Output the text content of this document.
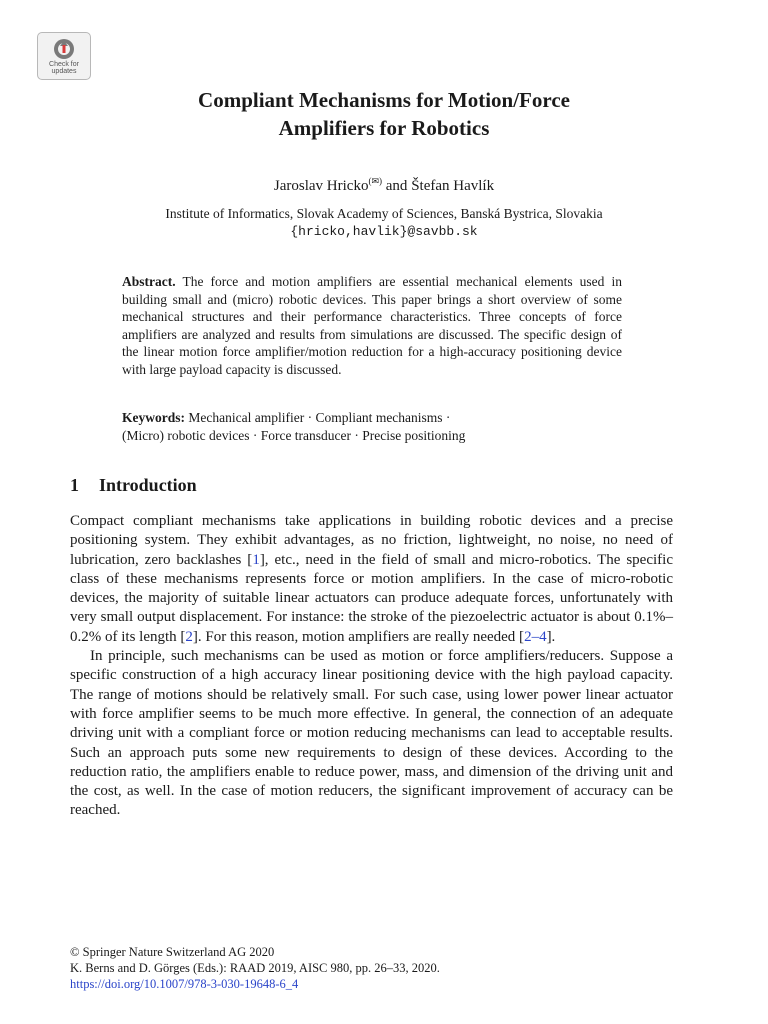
Check for
updates
Compliant Mechanisms for Motion/Force
Amplifiers for Robotics
Jaroslav Hricko(✉) and Štefan Havlík
Institute of Informatics, Slovak Academy of Sciences, Banská Bystrica, Slovakia
{hricko,havlik}@savbb.sk
Abstract. The force and motion amplifiers are essential mechanical elements used in building small and (micro) robotic devices. This paper brings a short overview of some mechanical structures and their performance characteristics. Three concepts of force amplifiers are analyzed and results from simulations are discussed. The specific design of the linear motion force amplifier/motion reduction for a high-accuracy positioning device with large payload capacity is discussed.
Keywords: Mechanical amplifier · Compliant mechanisms ·
(Micro) robotic devices · Force transducer · Precise positioning
1 Introduction

Compact compliant mechanisms take applications in building robotic devices and a precise positioning system. They exhibit advantages, as no friction, lightweight, no noise, no need of lubrication, zero backlashes [1], etc., need in the field of small and micro-robotics. The specific class of these mechanisms represents force or motion amplifiers. In the case of micro-robotic devices, the majority of suitable linear actuators can produce adequate forces, unfortunately with very small output displacement. For instance: the stroke of the piezoelectric actuator is about 0.1%–0.2% of its length [2]. For this reason, motion amplifiers are really needed [2–4].

In principle, such mechanisms can be used as motion or force amplifiers/reducers. Suppose a specific construction of a high accuracy linear positioning device with the high payload capacity. The range of motions should be relatively small. For such case, using lower power linear actuator with force amplifier seems to be much more effective. In general, the connection of an adequate driving unit with a compliant force or motion reducing mechanisms can lead to acceptable results. Such an approach puts some new requirements to design of these devices. According to the reduction ratio, the amplifiers enable to reduce power, mass, and dimension of the driving unit and the cost, as well. In the case of motion reducers, the significant improvement of accuracy can be reached.

© Springer Nature Switzerland AG 2020
K. Berns and D. Görges (Eds.): RAAD 2019, AISC 980, pp. 26–33, 2020.
https://doi.org/10.1007/978-3-030-19648-6_4
